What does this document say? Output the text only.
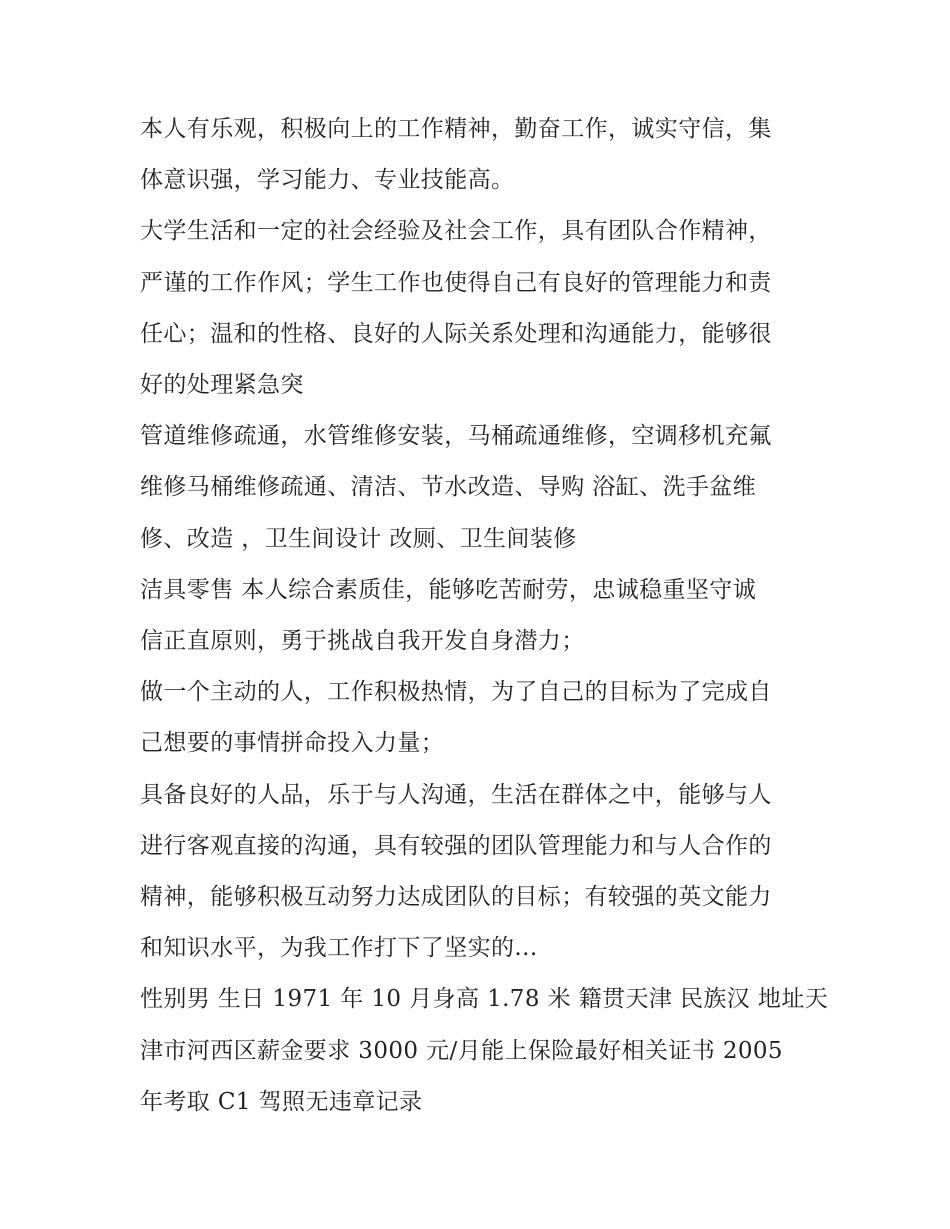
本人有乐观，积极向上的工作精神，勤奋工作，诚实守信，集
体意识强，学习能力、专业技能高。

大学生活和一定的社会经验及社会工作，具有团队合作精神，
严谨的工作作风；学生工作也使得自己有良好的管理能力和责
任心；温和的性格、良好的人际关系处理和沟通能力，能够很
好的处理紧急突

管道维修疏通，水管维修安装，马桶疏通维修，空调移机充氟
维修马桶维修疏通、清洁、节水改造、导购 浴缸、洗手盆维
修、改造 ，卫生间设计 改厕、卫生间装修

洁具零售 本人综合素质佳，能够吃苦耐劳，忠诚稳重坚守诚
信正直原则，勇于挑战自我开发自身潜力；

做一个主动的人，工作积极热情，为了自己的目标为了完成自
己想要的事情拼命投入力量；

具备良好的人品，乐于与人沟通，生活在群体之中，能够与人
进行客观直接的沟通，具有较强的团队管理能力和与人合作的
精神，能够积极互动努力达成团队的目标；有较强的英文能力
和知识水平，为我工作打下了坚实的...

性别男 生日 1971 年 10 月身高 1.78 米 籍贯天津 民族汉 地址天
津市河西区薪金要求 3000 元/月能上保险最好相关证书 2005
年考取 C1 驾照无违章记录
